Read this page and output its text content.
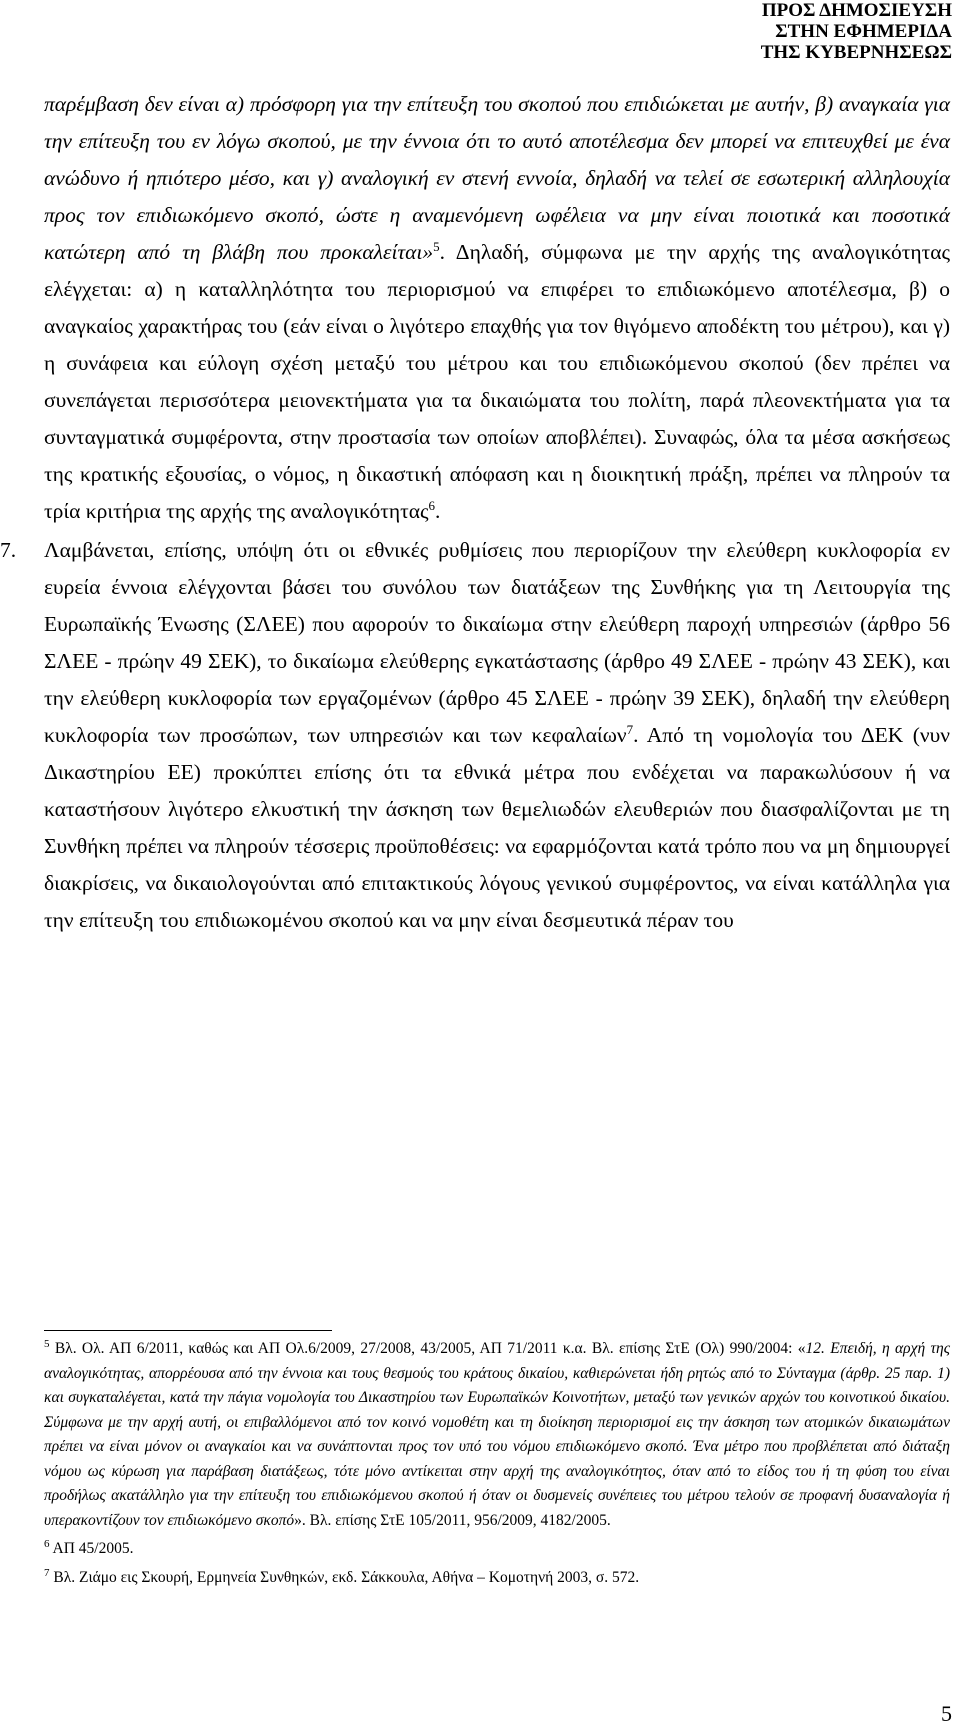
ΠΡΟΣ ΔΗΜΟΣΙΕΥΣΗ
ΣΤΗΝ ΕΦΗΜΕΡΙΔΑ
ΤΗΣ ΚΥΒΕΡΝΗΣΕΩΣ

παρέμβαση δεν είναι α) πρόσφορη για την επίτευξη του σκοπού που επιδιώκεται με αυτήν, β) αναγκαία για την επίτευξη του εν λόγω σκοπού, με την έννοια ότι το αυτό αποτέλεσμα δεν μπορεί να επιτευχθεί με ένα ανώδυνο ή ηπιότερο μέσο, και γ) αναλογική εν στενή εννοία, δηλαδή να τελεί σε εσωτερική αλληλουχία προς τον επιδιωκόμενο σκοπό, ώστε η αναμενόμενη ωφέλεια να μην είναι ποιοτικά και ποσοτικά κατώτερη από τη βλάβη που προκαλείται»$^5$. Δηλαδή, σύμφωνα με την αρχής της αναλογικότητας ελέγχεται: α) η καταλληλότητα του περιορισμού να επιφέρει το επιδιωκόμενο αποτέλεσμα, β) ο αναγκαίος χαρακτήρας του (εάν είναι ο λιγότερο επαχθής για τον θιγόμενο αποδέκτη του μέτρου), και γ) η συνάφεια και εύλογη σχέση μεταξύ του μέτρου και του επιδιωκόμενου σκοπού (δεν πρέπει να συνεπάγεται περισσότερα μειονεκτήματα για τα δικαιώματα του πολίτη, παρά πλεονεκτήματα για τα συνταγματικά συμφέροντα, στην προστασία των οποίων αποβλέπει). Συναφώς, όλα τα μέσα ασκήσεως της κρατικής εξουσίας, ο νόμος, η δικαστική απόφαση και η διοικητική πράξη, πρέπει να πληρούν τα τρία κριτήρια της αρχής της αναλογικότητας$^6$.

7.	Λαμβάνεται, επίσης, υπόψη ότι οι εθνικές ρυθμίσεις που περιορίζουν την ελεύθερη κυκλοφορία εν ευρεία έννοια ελέγχονται βάσει του συνόλου των διατάξεων της Συνθήκης για τη Λειτουργία της Ευρωπαϊκής Ένωσης (ΣΛΕΕ) που αφορούν το δικαίωμα στην ελεύθερη παροχή υπηρεσιών (άρθρο 56 ΣΛΕΕ - πρώην 49 ΣΕΚ), το δικαίωμα ελεύθερης εγκατάστασης (άρθρο 49 ΣΛΕΕ - πρώην 43 ΣΕΚ), και την ελεύθερη κυκλοφορία των εργαζομένων (άρθρο 45 ΣΛΕΕ - πρώην 39 ΣΕΚ), δηλαδή την ελεύθερη κυκλοφορία των προσώπων, των υπηρεσιών και των κεφαλαίων$^7$. Από τη νομολογία του ΔΕΚ (νυν Δικαστηρίου ΕΕ) προκύπτει επίσης ότι τα εθνικά μέτρα που ενδέχεται να παρακωλύσουν ή να καταστήσουν λιγότερο ελκυστική την άσκηση των θεμελιωδών ελευθεριών που διασφαλίζονται με τη Συνθήκη πρέπει να πληρούν τέσσερις προϋποθέσεις: να εφαρμόζονται κατά τρόπο που να μη δημιουργεί διακρίσεις, να δικαιολογούνται από επιτακτικούς λόγους γενικού συμφέροντος, να είναι κατάλληλα για την επίτευξη του επιδιωκομένου σκοπού και να μην είναι δεσμευτικά πέραν του

$^5$ Βλ. Ολ. ΑΠ 6/2011, καθώς και ΑΠ Ολ.6/2009, 27/2008, 43/2005, ΑΠ 71/2011 κ.α. Βλ. επίσης ΣτΕ (Ολ) 990/2004: «12. Επειδή, η αρχή της αναλογικότητας, απορρέουσα από την έννοια και τους θεσμούς του κράτους δικαίου, καθιερώνεται ήδη ρητώς από το Σύνταγμα (άρθρ. 25 παρ. 1) και συγκαταλέγεται, κατά την πάγια νομολογία του Δικαστηρίου των Ευρωπαϊκών Κοινοτήτων, μεταξύ των γενικών αρχών του κοινοτικού δικαίου. Σύμφωνα με την αρχή αυτή, οι επιβαλλόμενοι από τον κοινό νομοθέτη και τη διοίκηση περιορισμοί εις την άσκηση των ατομικών δικαιωμάτων πρέπει να είναι μόνον οι αναγκαίοι και να συνάπτονται προς τον υπό του νόμου επιδιωκόμενο σκοπό. Ένα μέτρο που προβλέπεται από διάταξη νόμου ως κύρωση για παράβαση διατάξεως, τότε μόνο αντίκειται στην αρχή της αναλογικότητος, όταν από το είδος του ή τη φύση του είναι προδήλως ακατάλληλο για την επίτευξη του επιδιωκόμενου σκοπού ή όταν οι δυσμενείς συνέπειες του μέτρου τελούν σε προφανή δυσαναλογία ή υπερακοντίζουν τον επιδιωκόμενο σκοπό». Βλ. επίσης ΣτΕ 105/2011, 956/2009, 4182/2005.

$^6$ ΑΠ 45/2005.

$^7$ Βλ. Ζιάμο εις Σκουρή, Ερμηνεία Συνθηκών, εκδ. Σάκκουλα, Αθήνα – Κομοτηνή 2003, σ. 572.

5
